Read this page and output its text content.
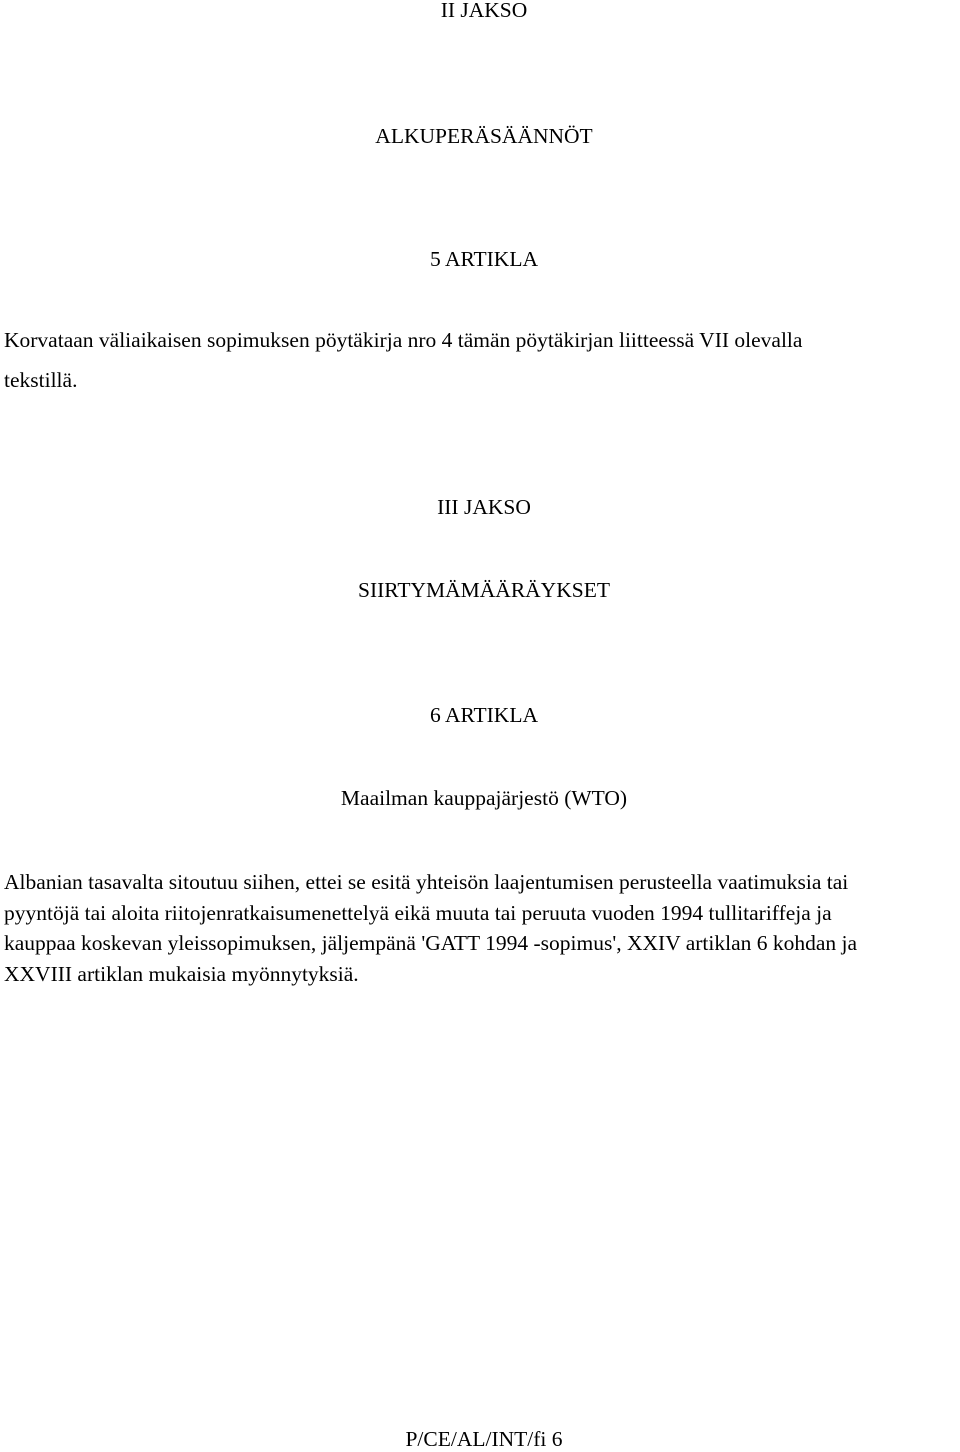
II JAKSO
ALKUPERÄSÄÄNNÖT
5 ARTIKLA
Korvataan väliaikaisen sopimuksen pöytäkirja nro 4 tämän pöytäkirjan liitteessä VII olevalla
tekstillä.
III JAKSO
SIIRTYMÄMÄÄRÄYKSET
6 ARTIKLA
Maailman kauppajärjestö (WTO)
Albanian tasavalta sitoutuu siihen, ettei se esitä yhteisön laajentumisen perusteella vaatimuksia tai
pyyntöjä tai aloita riitojenratkaisumenettelyä eikä muuta tai peruuta vuoden 1994 tullitariffeja ja
kauppaa koskevan yleissopimuksen, jäljempänä 'GATT 1994 -sopimus', XXIV artiklan 6 kohdan ja
XXVIII artiklan mukaisia myönnytyksiä.
P/CE/AL/INT/fi 6
